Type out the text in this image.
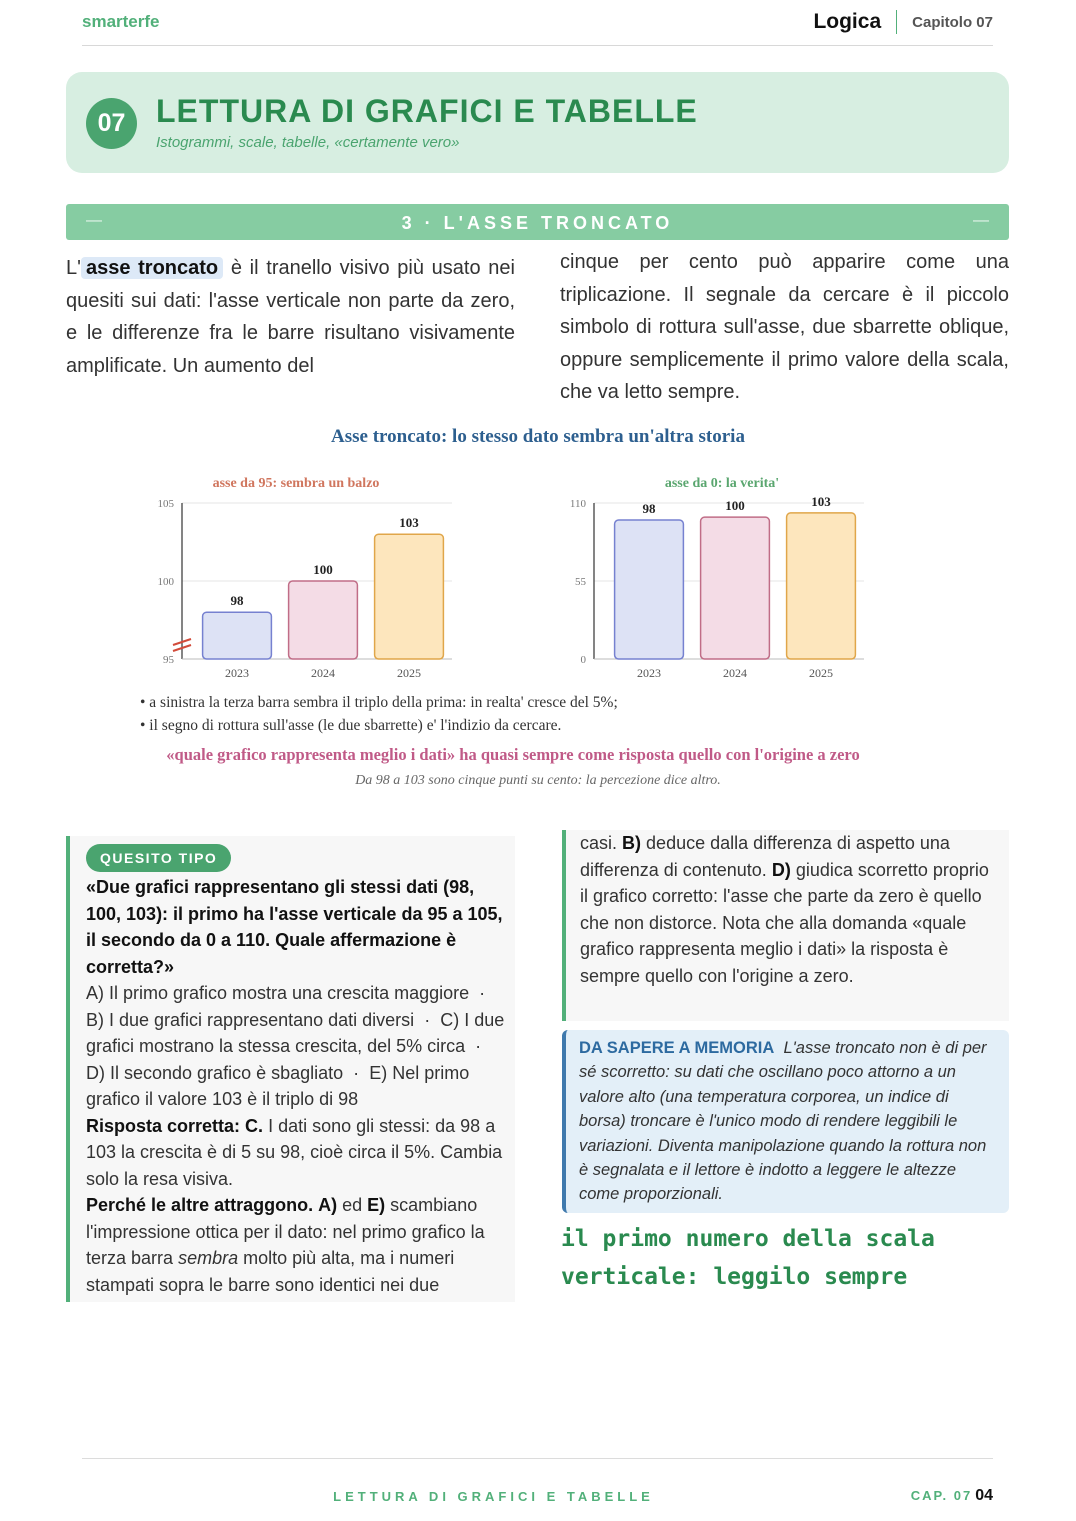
smarterfe	Logica	Capitolo 07
07 LETTURA DI GRAFICI E TABELLE
Istogrammi, scale, tabelle, «certamente vero»
—	3 · L'ASSE TRONCATO	—
L' asse troncato è il tranello visivo più usato nei quesiti sui dati: l'asse verticale non parte da zero, e le differenze fra le barre risultano visivamente amplificate. Un aumento del
cinque per cento può apparire come una triplicazione. Il segnale da cercare è il piccolo simbolo di rottura sull'asse, due sbarrette oblique, oppure semplicemente il primo valore della scala, che va letto sempre.
Asse troncato: lo stesso dato sembra un'altra storia
asse da 95: sembra un balzo
95
100
105
98
2023
100
2024
103
2025
asse da 0: la verita'
0
55
110	98
2023
100
2024
103
2025
• a sinistra la terza barra sembra il triplo della prima: in realta' cresce del 5%;
• il segno di rottura sull'asse (le due sbarrette) e' l'indizio da cercare.
«quale grafico rappresenta meglio i dati» ha quasi sempre come risposta quello con l'origine a zero
Da 98 a 103 sono cinque punti su cento: la percezione dice altro.
QUESITO TIPO
«Due grafici rappresentano gli stessi dati (98, 100, 103): il primo ha l'asse verticale da 95 a 105, il secondo da 0 a 110. Quale affermazione è corretta?»
A) Il primo grafico mostra una crescita maggiore  ·  B) I due grafici rappresentano dati diversi  ·  C) I due grafici mostrano la stessa crescita, del 5% circa  ·  D) Il secondo grafico è sbagliato  ·  E) Nel primo grafico il valore 103 è il triplo di 98
Risposta corretta: C. I dati sono gli stessi: da 98 a 103 la crescita è di 5 su 98, cioè circa il 5%. Cambia solo la resa visiva.
Perché le altre attraggono. A) ed E) scambiano l'impressione ottica per il dato: nel primo grafico la terza barra sembra molto più alta, ma i numeri stampati sopra le barre sono identici nei due
casi. B) deduce dalla differenza di aspetto una differenza di contenuto. D) giudica scorretto proprio il grafico corretto: l'asse che parte da zero è quello che non distorce. Nota che alla domanda «quale grafico rappresenta meglio i dati» la risposta è sempre quello con l'origine a zero.
DA SAPERE A MEMORIA L'asse troncato non è di per sé scorretto: su dati che oscillano poco attorno a un valore alto (una temperatura corporea, un indice di borsa) troncare è l'unico modo di rendere leggibili le variazioni. Diventa manipolazione quando la rottura non è segnalata e il lettore è indotto a leggere le altezze come proporzionali.
il primo numero della scala verticale: leggilo sempre
LETTURA DI GRAFICI E TABELLE	CAP. 07 04
